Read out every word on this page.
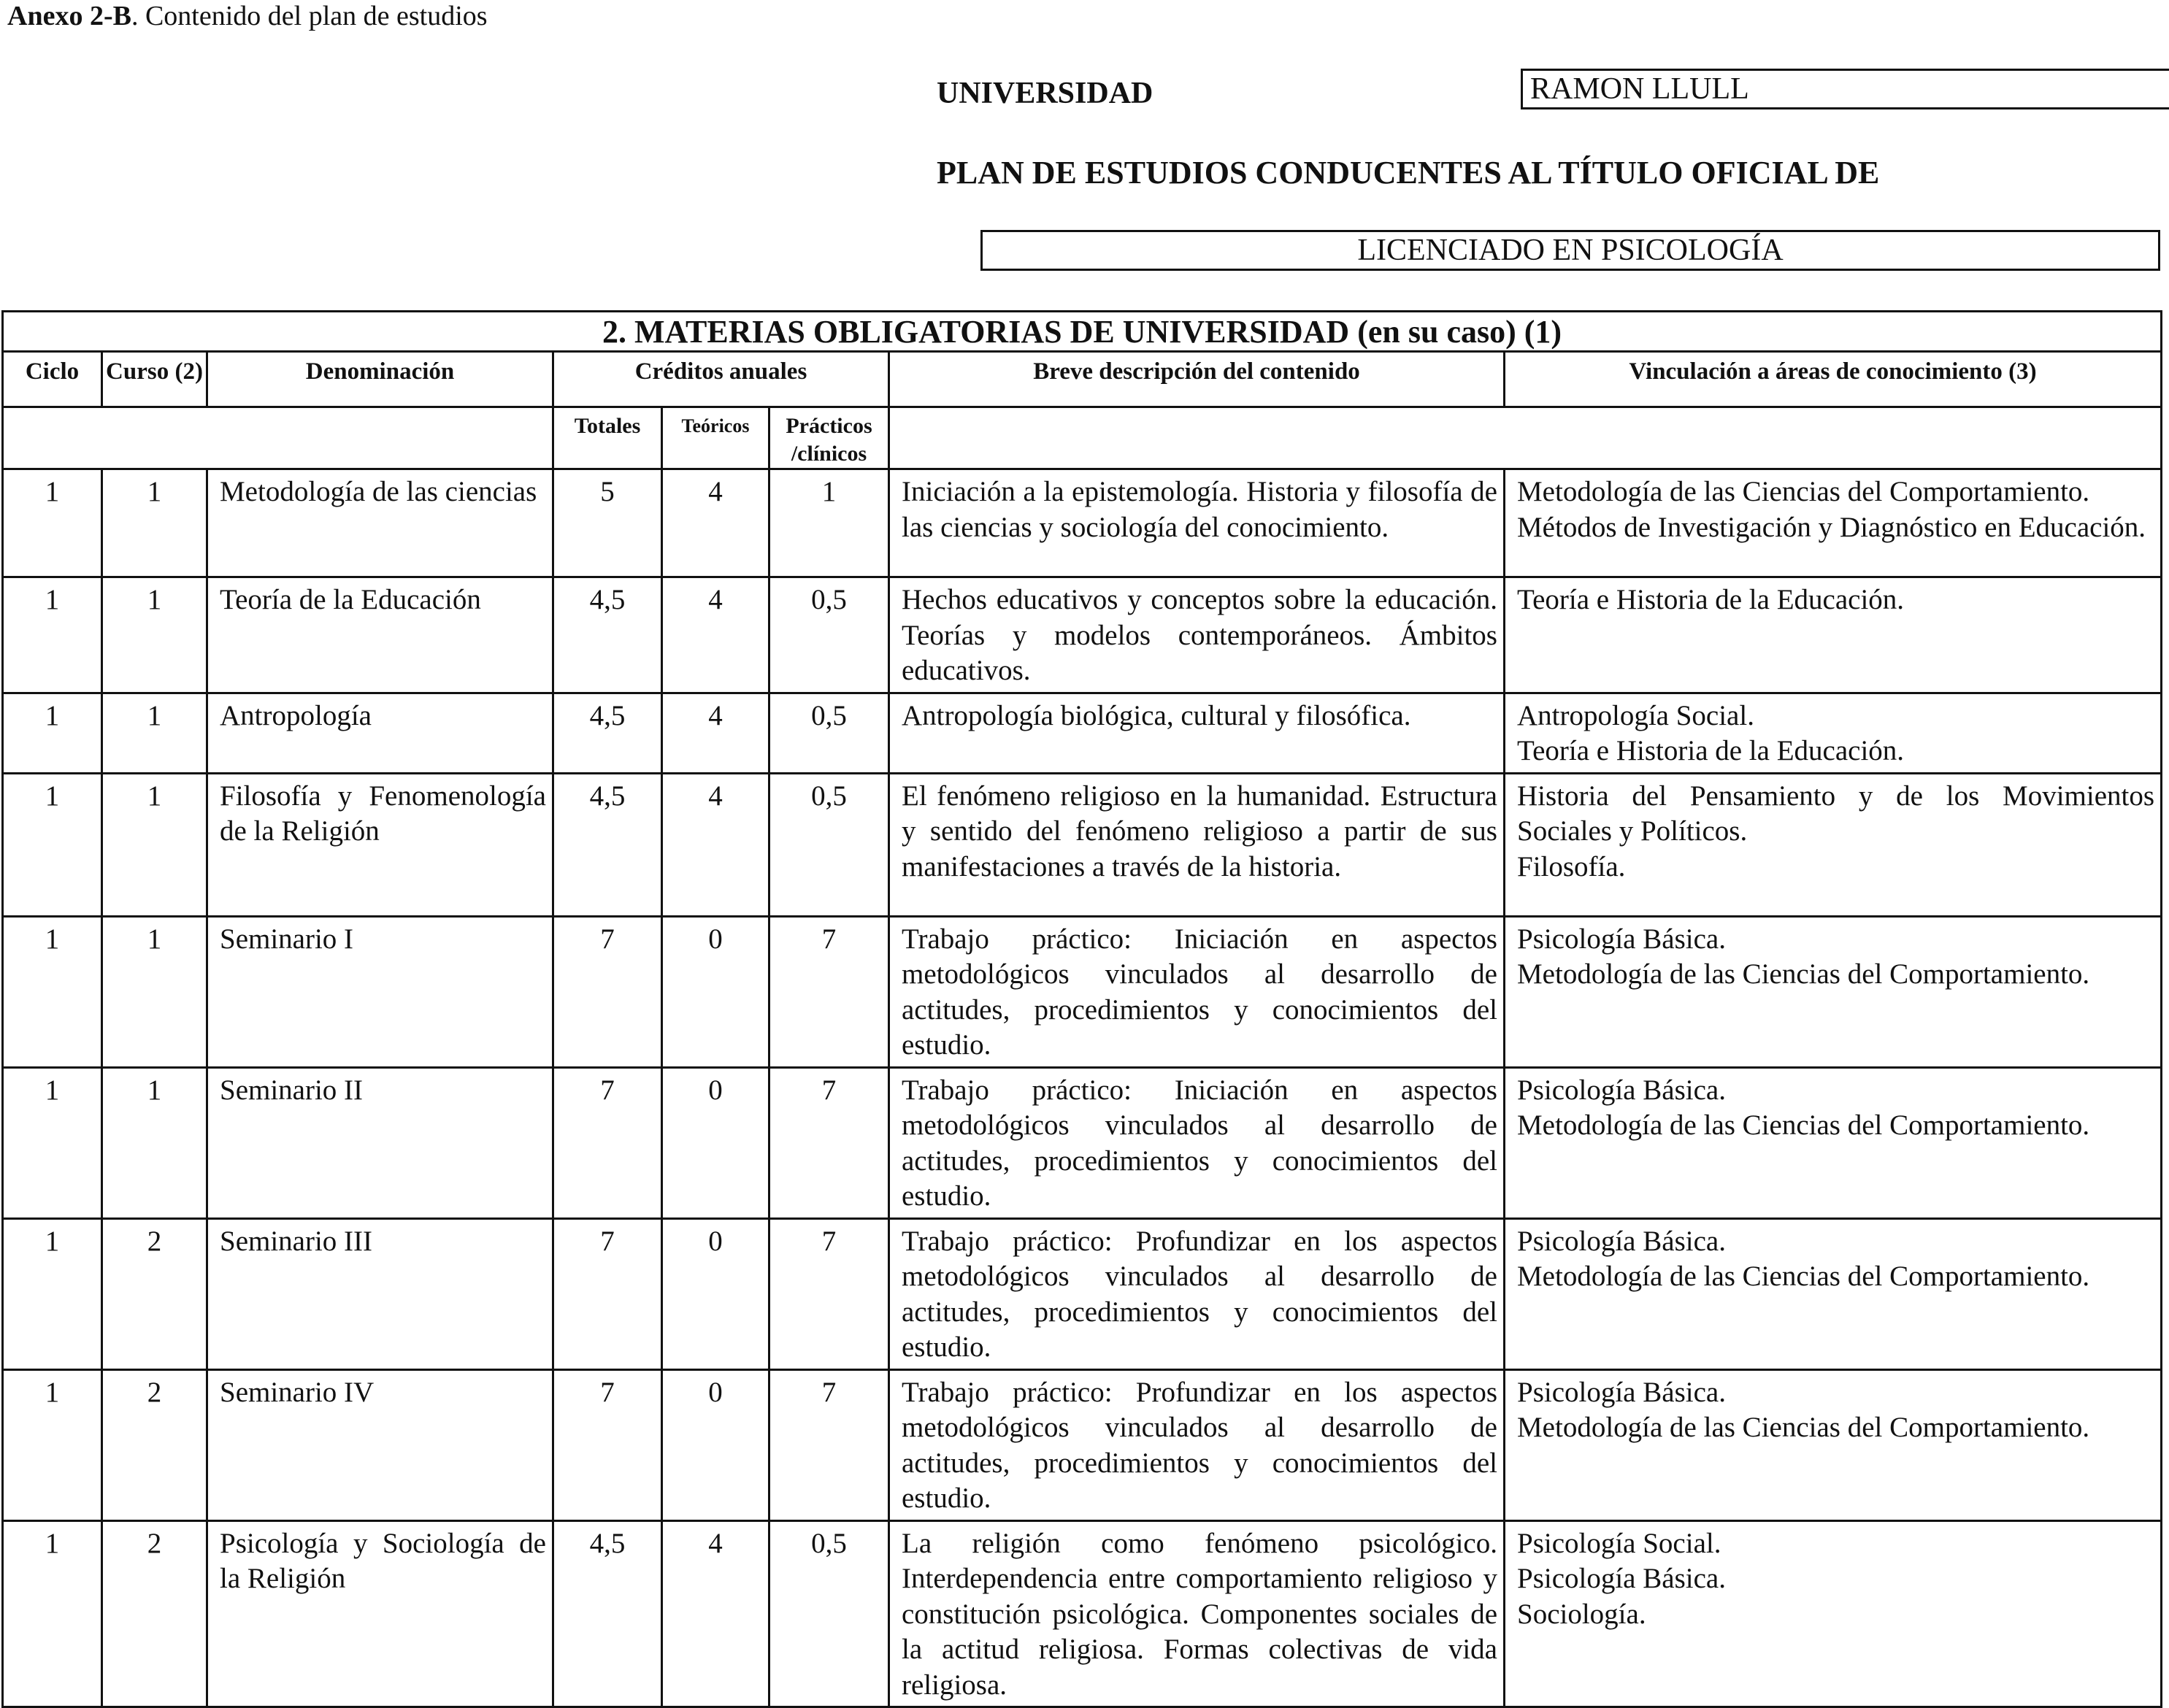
Anexo 2-B. Contenido del plan de estudios
UNIVERSIDAD	RAMON LLULL
PLAN DE ESTUDIOS CONDUCENTES AL TÍTULO OFICIAL DE
LICENCIADO EN PSICOLOGÍA
2. MATERIAS OBLIGATORIAS DE UNIVERSIDAD (en su caso) (1)							
Ciclo	Curso (2)	Denominación	Créditos anuales			Breve descripción del contenido	Vinculación a áreas de conocimiento (3)
			Totales	Teóricos	Prácticos /clínicos		
1	1	Metodología de las ciencias	5	4	1	Iniciación a la epistemología. Historia y filosofía de las ciencias y sociología del conocimiento.	Metodología de las Ciencias del Comportamiento.
Métodos de Investigación y Diagnóstico en Educación.

1	1	Teoría de la Educación	4,5	4	0,5	Hechos educativos y conceptos sobre la educación. Teorías y modelos contemporáneos. Ámbitos educativos.	Teoría e Historia de la Educación.

1	1	Antropología	4,5	4	0,5	Antropología biológica, cultural y filosófica.	Antropología Social.
Teoría e Historia de la Educación.

1	1	Filosofía y Fenomenología de la Religión	4,5	4	0,5	El fenómeno religioso en la humanidad. Estructura y sentido del fenómeno religioso a partir de sus manifestaciones a través de la historia.	Historia del Pensamiento y de los Movimientos Sociales y Políticos.
Filosofía.

1	1	Seminario I	7	0	7	Trabajo práctico: Iniciación en aspectos metodológicos vinculados al desarrollo de actitudes, procedimientos y conocimientos del estudio.	Psicología Básica.
Metodología de las Ciencias del Comportamiento.

1	1	Seminario II	7	0	7	Trabajo práctico: Iniciación en aspectos metodológicos vinculados al desarrollo de actitudes, procedimientos y conocimientos del estudio.	Psicología Básica.
Metodología de las Ciencias del Comportamiento.

1	2	Seminario III	7	0	7	Trabajo práctico: Profundizar en los aspectos metodológicos vinculados al desarrollo de actitudes, procedimientos y conocimientos del estudio.	Psicología Básica.
Metodología de las Ciencias del Comportamiento.

1	2	Seminario IV	7	0	7	Trabajo práctico: Profundizar en los aspectos metodológicos vinculados al desarrollo de actitudes, procedimientos y conocimientos del estudio.	Psicología Básica.
Metodología de las Ciencias del Comportamiento.

1	2	Psicología y Sociología de la Religión	4,5	4	0,5	La religión como fenómeno psicológico. Interdependencia entre comportamiento religioso y constitución psicológica. Componentes sociales de la actitud religiosa. Formas colectivas de vida religiosa.	Psicología Social.
Psicología Básica.
Sociología.
